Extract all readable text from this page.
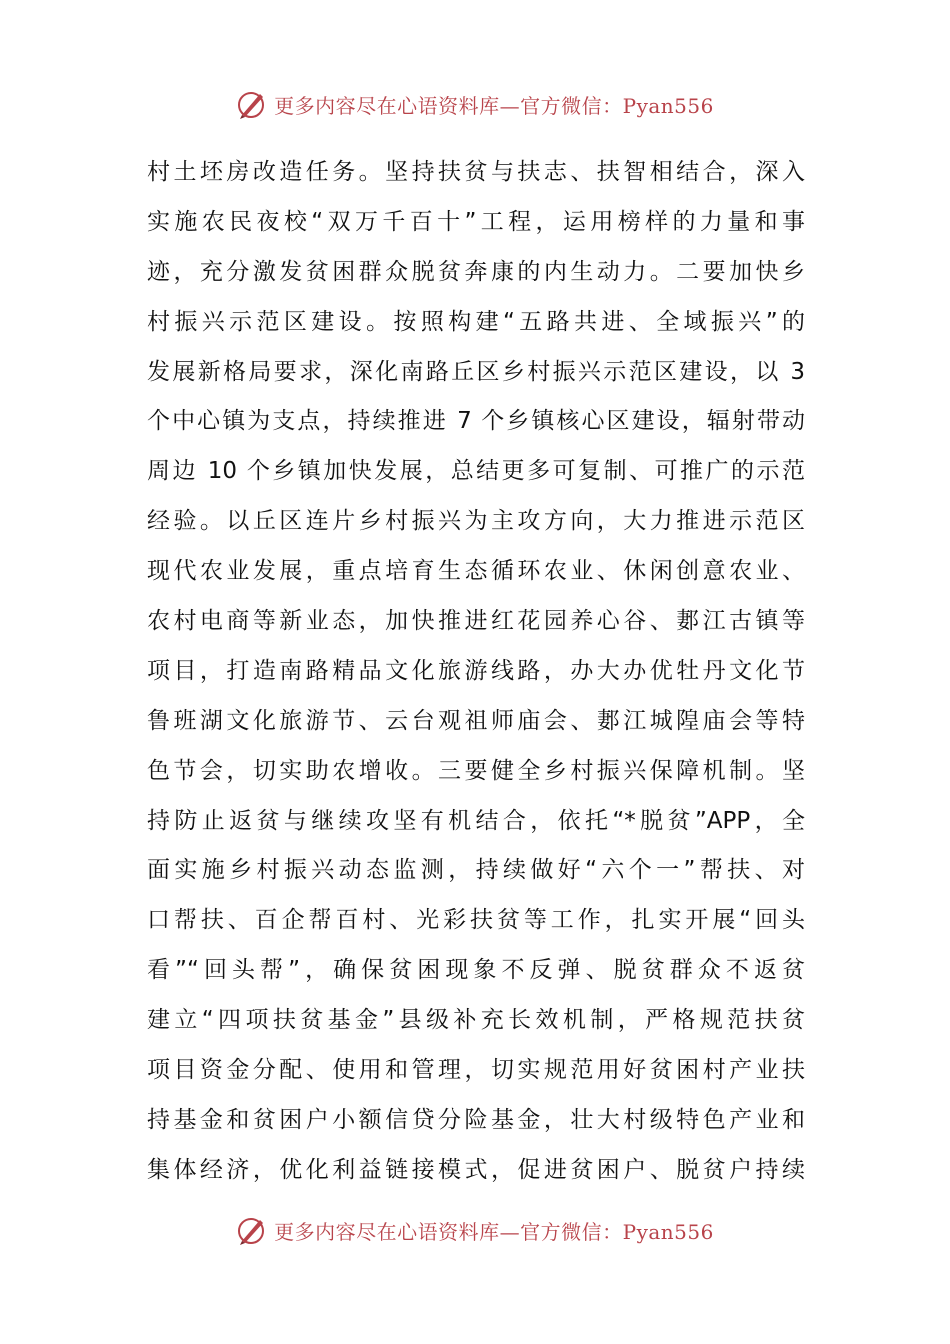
更多内容尽在心语资料库—官方微信：Pyan556
村土坯房改造任务。坚持扶贫与扶志、扶智相结合，深入
实施农民夜校“双万千百十”工程，运用榜样的力量和事
迹，充分激发贫困群众脱贫奔康的内生动力。二要加快乡
村振兴示范区建设。按照构建“五路共进、全域振兴”的
发展新格局要求，深化南路丘区乡村振兴示范区建设，以 3
个中心镇为支点，持续推进 7 个乡镇核心区建设，辐射带动
周边 10 个乡镇加快发展，总结更多可复制、可推广的示范
经验。以丘区连片乡村振兴为主攻方向，大力推进示范区
现代农业发展，重点培育生态循环农业、休闲创意农业、
农村电商等新业态，加快推进红花园养心谷、郪江古镇等
项目，打造南路精品文化旅游线路，办大办优牡丹文化节
鲁班湖文化旅游节、云台观祖师庙会、郪江城隍庙会等特
色节会，切实助农增收。三要健全乡村振兴保障机制。坚
持防止返贫与继续攻坚有机结合，依托“*脱贫”APP，全
面实施乡村振兴动态监测，持续做好“六个一”帮扶、对
口帮扶、百企帮百村、光彩扶贫等工作，扎实开展“回头
看”“回头帮”，确保贫困现象不反弹、脱贫群众不返贫
建立“四项扶贫基金”县级补充长效机制，严格规范扶贫
项目资金分配、使用和管理，切实规范用好贫困村产业扶
持基金和贫困户小额信贷分险基金，壮大村级特色产业和
集体经济，优化利益链接模式，促进贫困户、脱贫户持续
更多内容尽在心语资料库—官方微信：Pyan556
